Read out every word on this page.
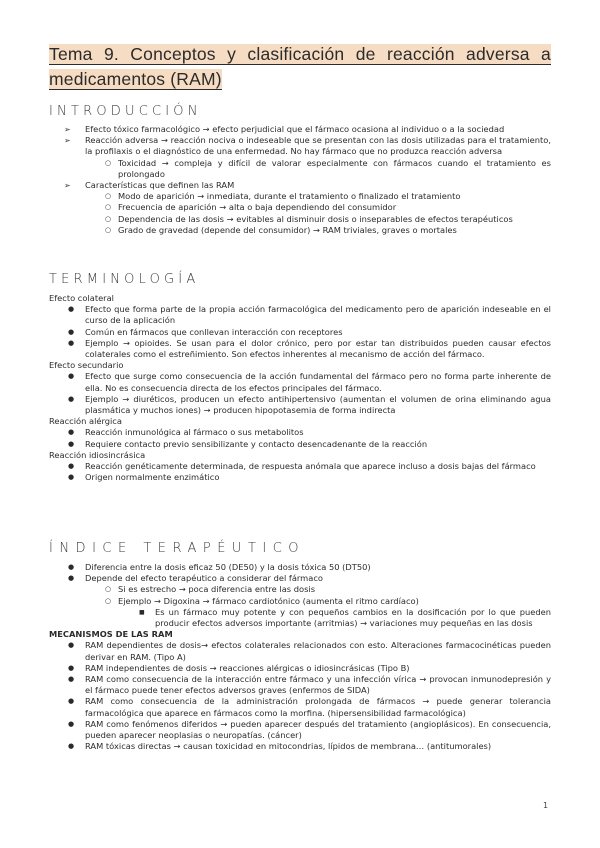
Tema 9. Conceptos y clasificación de reacción adversa a medicamentos (RAM)

INTRODUCCIÓN

➢ Efecto tóxico farmacológico → efecto perjudicial que el fármaco ocasiona al individuo o a la sociedad
➢ Reacción adversa → reacción nociva o indeseable que se presentan con las dosis utilizadas para el tratamiento, la profilaxis o el diagnóstico de una enfermedad. No hay fármaco que no produzca reacción adversa
○ Toxicidad → compleja y difícil de valorar especialmente con fármacos cuando el tratamiento es prolongado
➢ Características que definen las RAM
○ Modo de aparición → inmediata, durante el tratamiento o finalizado el tratamiento
○ Frecuencia de aparición → alta o baja dependiendo del consumidor
○ Dependencia de las dosis → evitables al disminuir dosis o inseparables de efectos terapéuticos
○ Grado de gravedad (depende del consumidor) → RAM triviales, graves o mortales

TERMINOLOGÍA

Efecto colateral

● Efecto que forma parte de la propia acción farmacológica del medicamento pero de aparición indeseable en el curso de la aplicación
● Común en fármacos que conllevan interacción con receptores
● Ejemplo → opioides. Se usan para el dolor crónico, pero por estar tan distribuidos pueden causar efectos colaterales como el estreñimiento. Son efectos inherentes al mecanismo de acción del fármaco.

Efecto secundario

● Efecto que surge como consecuencia de la acción fundamental del fármaco pero no forma parte inherente de ella. No es consecuencia directa de los efectos principales del fármaco.
● Ejemplo → diuréticos, producen un efecto antihipertensivo (aumentan el volumen de orina eliminando agua plasmática y muchos iones) → producen hipopotasemia de forma indirecta

Reacción alérgica

● Reacción inmunológica al fármaco o sus metabolitos
● Requiere contacto previo sensibilizante y contacto desencadenante de la reacción

Reacción idiosincrásica

● Reacción genéticamente determinada, de respuesta anómala que aparece incluso a dosis bajas del fármaco
● Origen normalmente enzimático

ÍNDICE TERAPÉUTICO

● Diferencia entre la dosis eficaz 50 (DE50) y la dosis tóxica 50 (DT50)
● Depende del efecto terapéutico a considerar del fármaco
○ Si es estrecho → poca diferencia entre las dosis
○ Ejemplo → Digoxina → fármaco cardiotónico (aumenta el ritmo cardíaco)
■ Es un fármaco muy potente y con pequeños cambios en la dosificación por lo que pueden producir efectos adversos importante (arritmias) → variaciones muy pequeñas en las dosis

MECANISMOS DE LAS RAM

● RAM dependientes de dosis→ efectos colaterales relacionados con esto. Alteraciones farmacocinéticas pueden derivar en RAM. (Tipo A)
● RAM independientes de dosis → reacciones alérgicas o idiosincrásicas (Tipo B)
● RAM como consecuencia de la interacción entre fármaco y una infección vírica → provocan inmunodepresión y el fármaco puede tener efectos adversos graves (enfermos de SIDA)
● RAM como consecuencia de la administración prolongada de fármacos → puede generar tolerancia farmacológica que aparece en fármacos como la morfina. (hipersensibilidad farmacológica)
● RAM como fenómenos diferidos → pueden aparecer después del tratamiento (angioplásicos). En consecuencia, pueden aparecer neoplasias o neuropatías. (cáncer)
● RAM tóxicas directas → causan toxicidad en mitocondrias, lípidos de membrana… (antitumorales)
1
